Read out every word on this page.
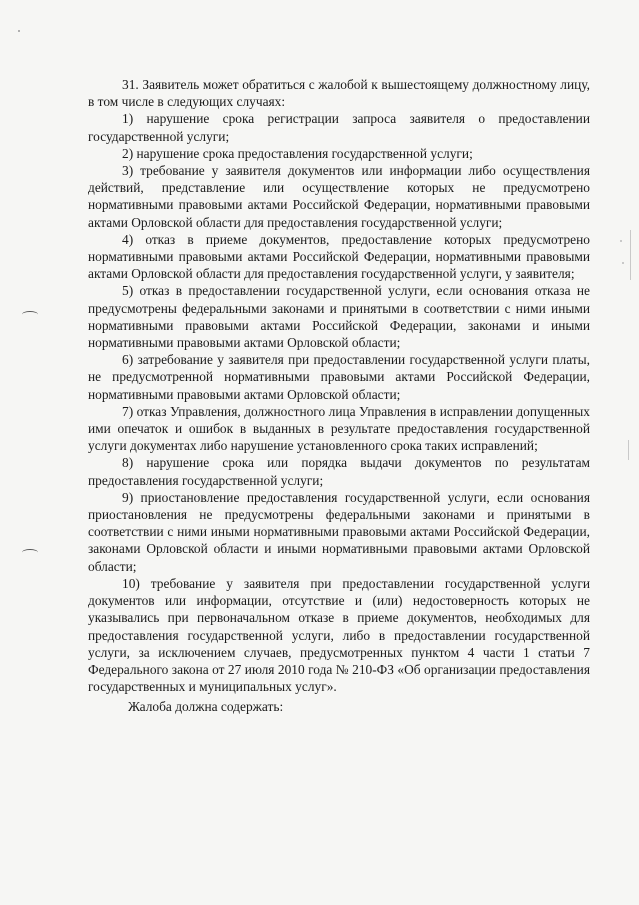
31. Заявитель может обратиться с жалобой к вышестоящему должностному лицу, в том числе в следующих случаях:

1) нарушение срока регистрации запроса заявителя о предоставлении государственной услуги;

2) нарушение срока предоставления государственной услуги;

3) требование у заявителя документов или информации либо осуществления действий, представление или осуществление которых не предусмотрено нормативными правовыми актами Российской Федерации, нормативными правовыми актами Орловской области для предоставления государственной услуги;

4) отказ в приеме документов, предоставление которых предусмотрено нормативными правовыми актами Российской Федерации, нормативными правовыми актами Орловской области для предоставления государственной услуги, у заявителя;

5) отказ в предоставлении государственной услуги, если основания отказа не предусмотрены федеральными законами и принятыми в соответствии с ними иными нормативными правовыми актами Российской Федерации, законами и иными нормативными правовыми актами Орловской области;

6) затребование у заявителя при предоставлении государственной услуги платы, не предусмотренной нормативными правовыми актами Российской Федерации, нормативными правовыми актами Орловской области;

7) отказ Управления, должностного лица Управления в исправлении допущенных ими опечаток и ошибок в выданных в результате предоставления государственной услуги документах либо нарушение установленного срока таких исправлений;

8) нарушение срока или порядка выдачи документов по результатам предоставления государственной услуги;

9) приостановление предоставления государственной услуги, если основания приостановления не предусмотрены федеральными законами и принятыми в соответствии с ними иными нормативными правовыми актами Российской Федерации, законами Орловской области и иными нормативными правовыми актами Орловской области;

10) требование у заявителя при предоставлении государственной услуги документов или информации, отсутствие и (или) недостоверность которых не указывались при первоначальном отказе в приеме документов, необходимых для предоставления государственной услуги, либо в предоставлении государственной услуги, за исключением случаев, предусмотренных пунктом 4 части 1 статьи 7 Федерального закона от 27 июля 2010 года № 210-ФЗ «Об организации предоставления государственных и муниципальных услуг».

Жалоба должна содержать:
